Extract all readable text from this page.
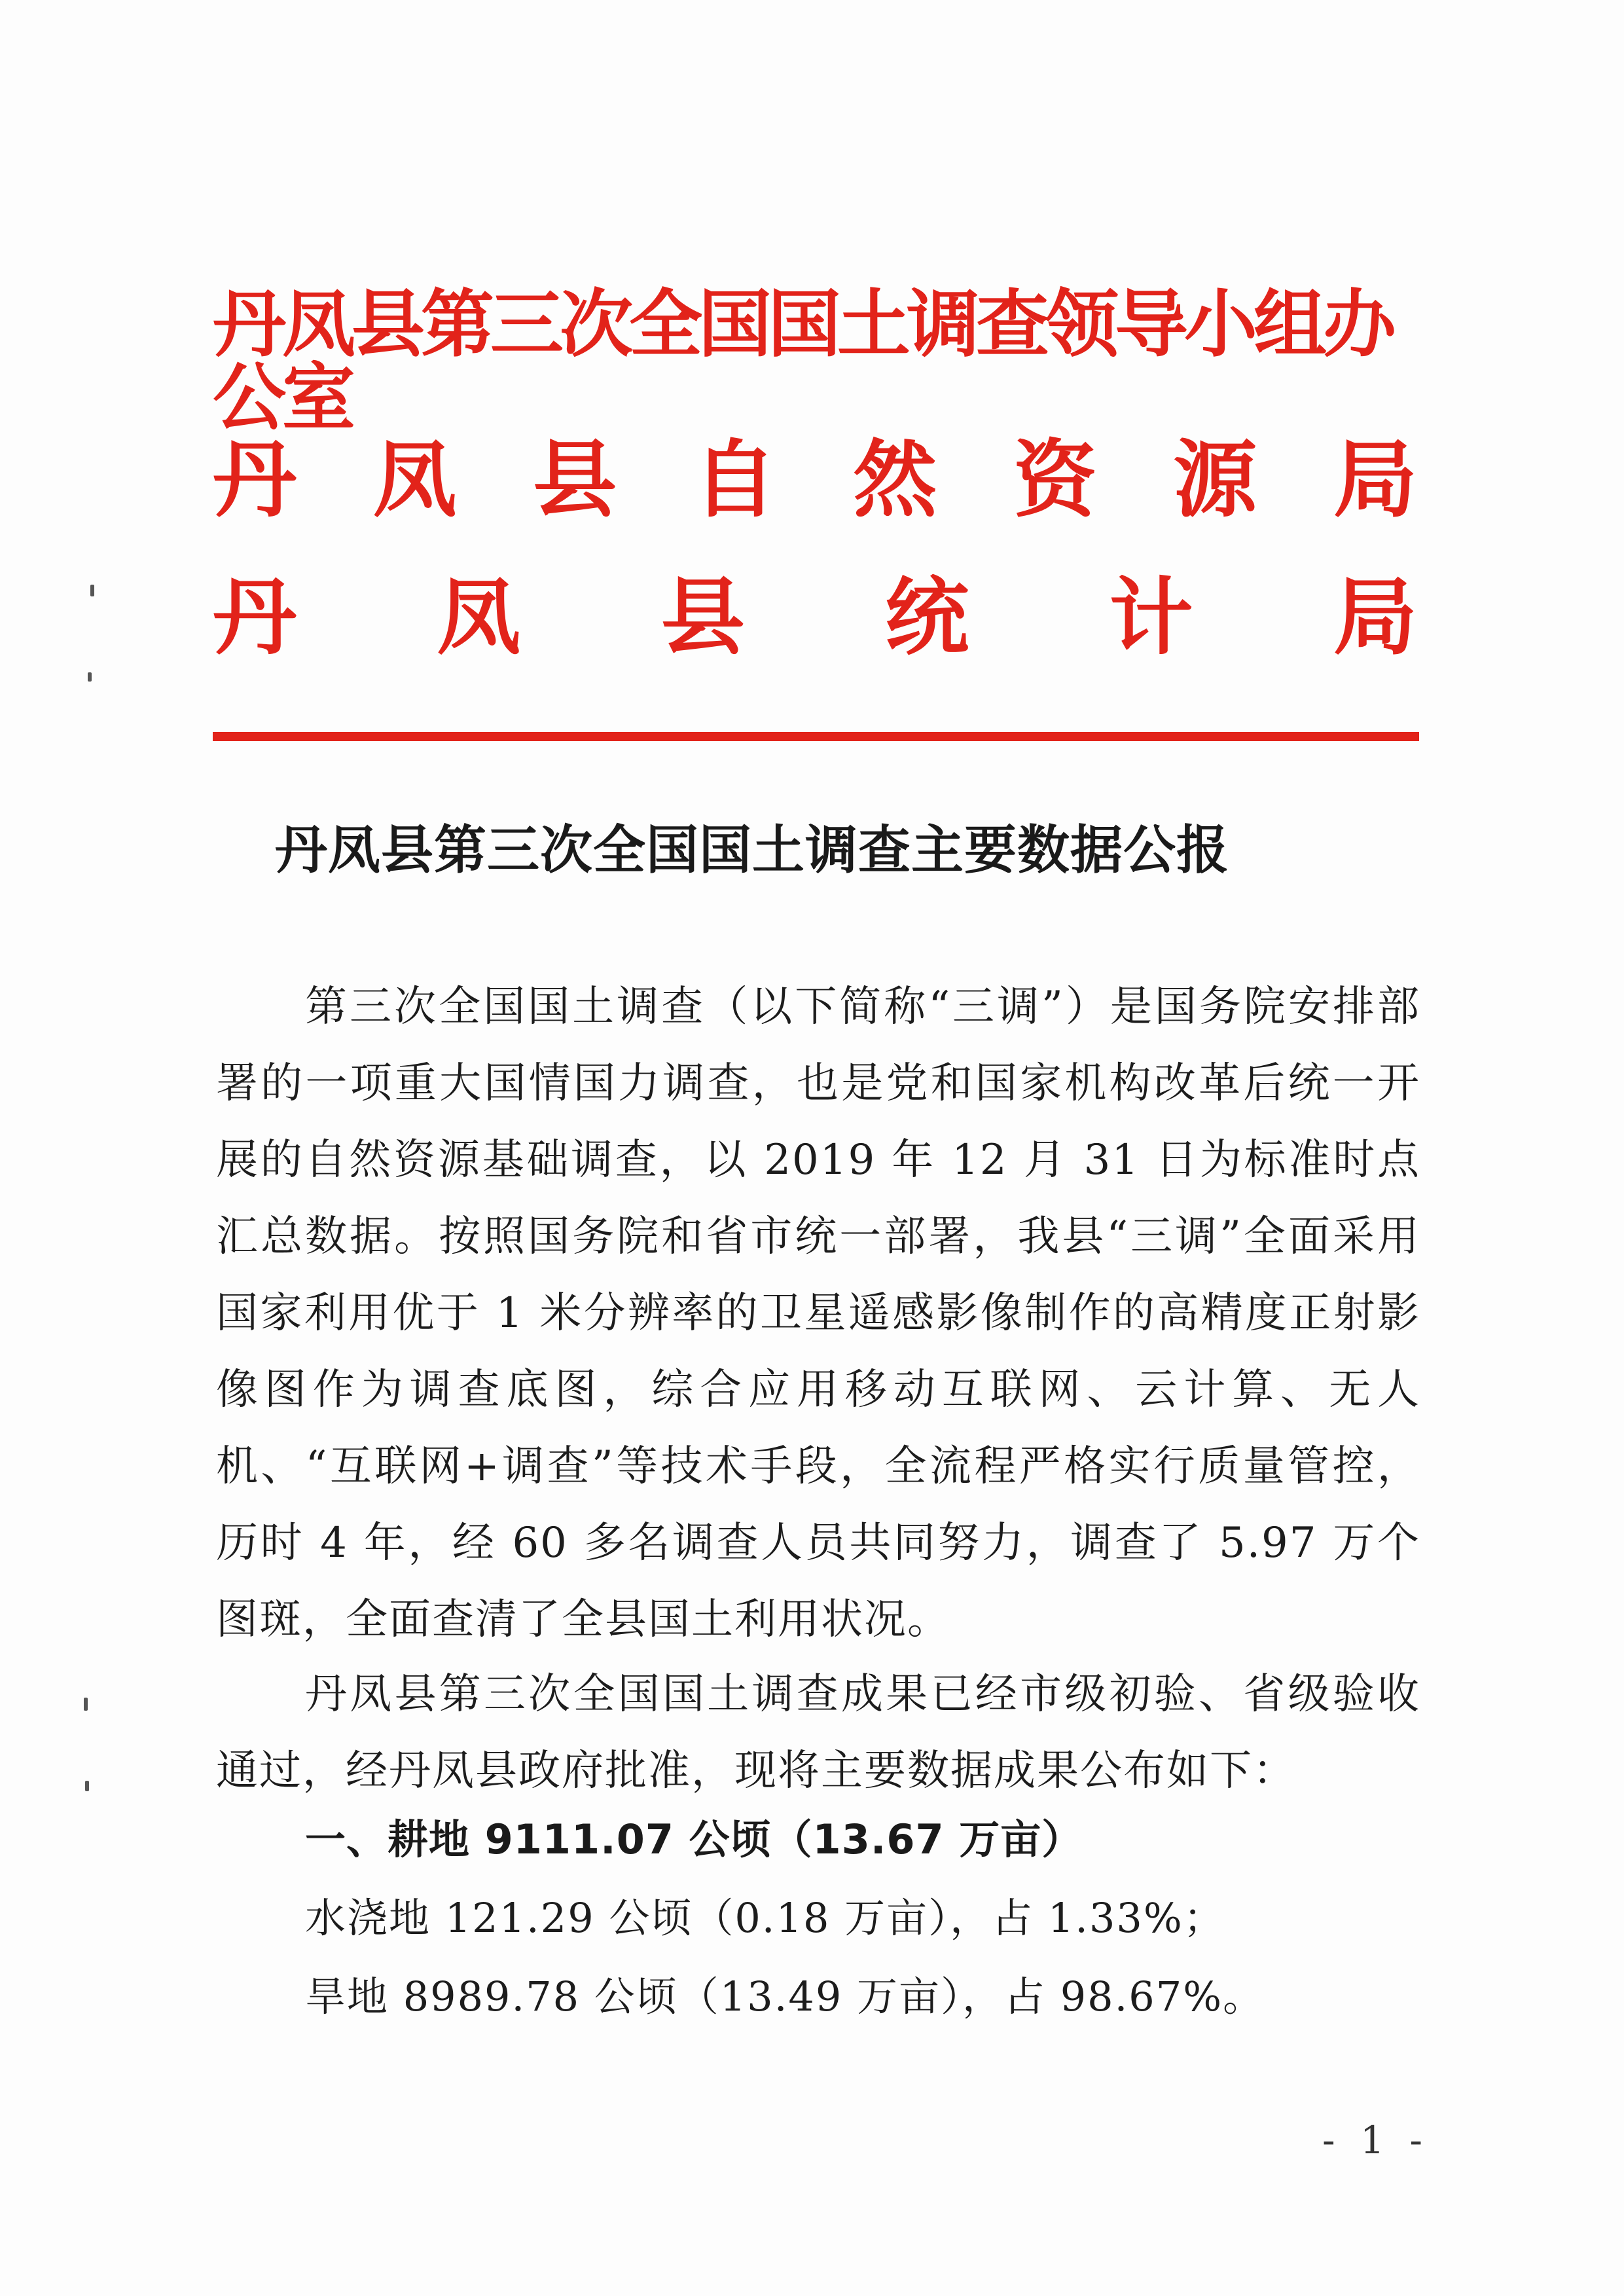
丹凤县第三次全国国土调查领导小组办公室
丹 凤 县 自 然 资 源 局
丹 凤 县 统 计 局
丹凤县第三次全国国土调查主要数据公报

第三次全国国土调查（以下简称“三调”）是国务院安排部署的一项重大国情国力调查，也是党和国家机构改革后统一开展的自然资源基础调查，以 2019 年 12 月 31 日为标准时点汇总数据。按照国务院和省市统一部署，我县“三调”全面采用国家利用优于 1 米分辨率的卫星遥感影像制作的高精度正射影像图作为调查底图，综合应用移动互联网、云计算、无人机、“互联网+调查”等技术手段，全流程严格实行质量管控，历时 4 年，经 60 多名调查人员共同努力，调查了 5.97 万个图斑，全面查清了全县国土利用状况。

丹凤县第三次全国国土调查成果已经市级初验、省级验收通过，经丹凤县政府批准，现将主要数据成果公布如下：

一、耕地 9111.07 公顷（13.67 万亩）
水浇地 121.29 公顷（0.18 万亩），占 1.33%；
旱地 8989.78 公顷（13.49 万亩），占 98.67%。
- 1 -
